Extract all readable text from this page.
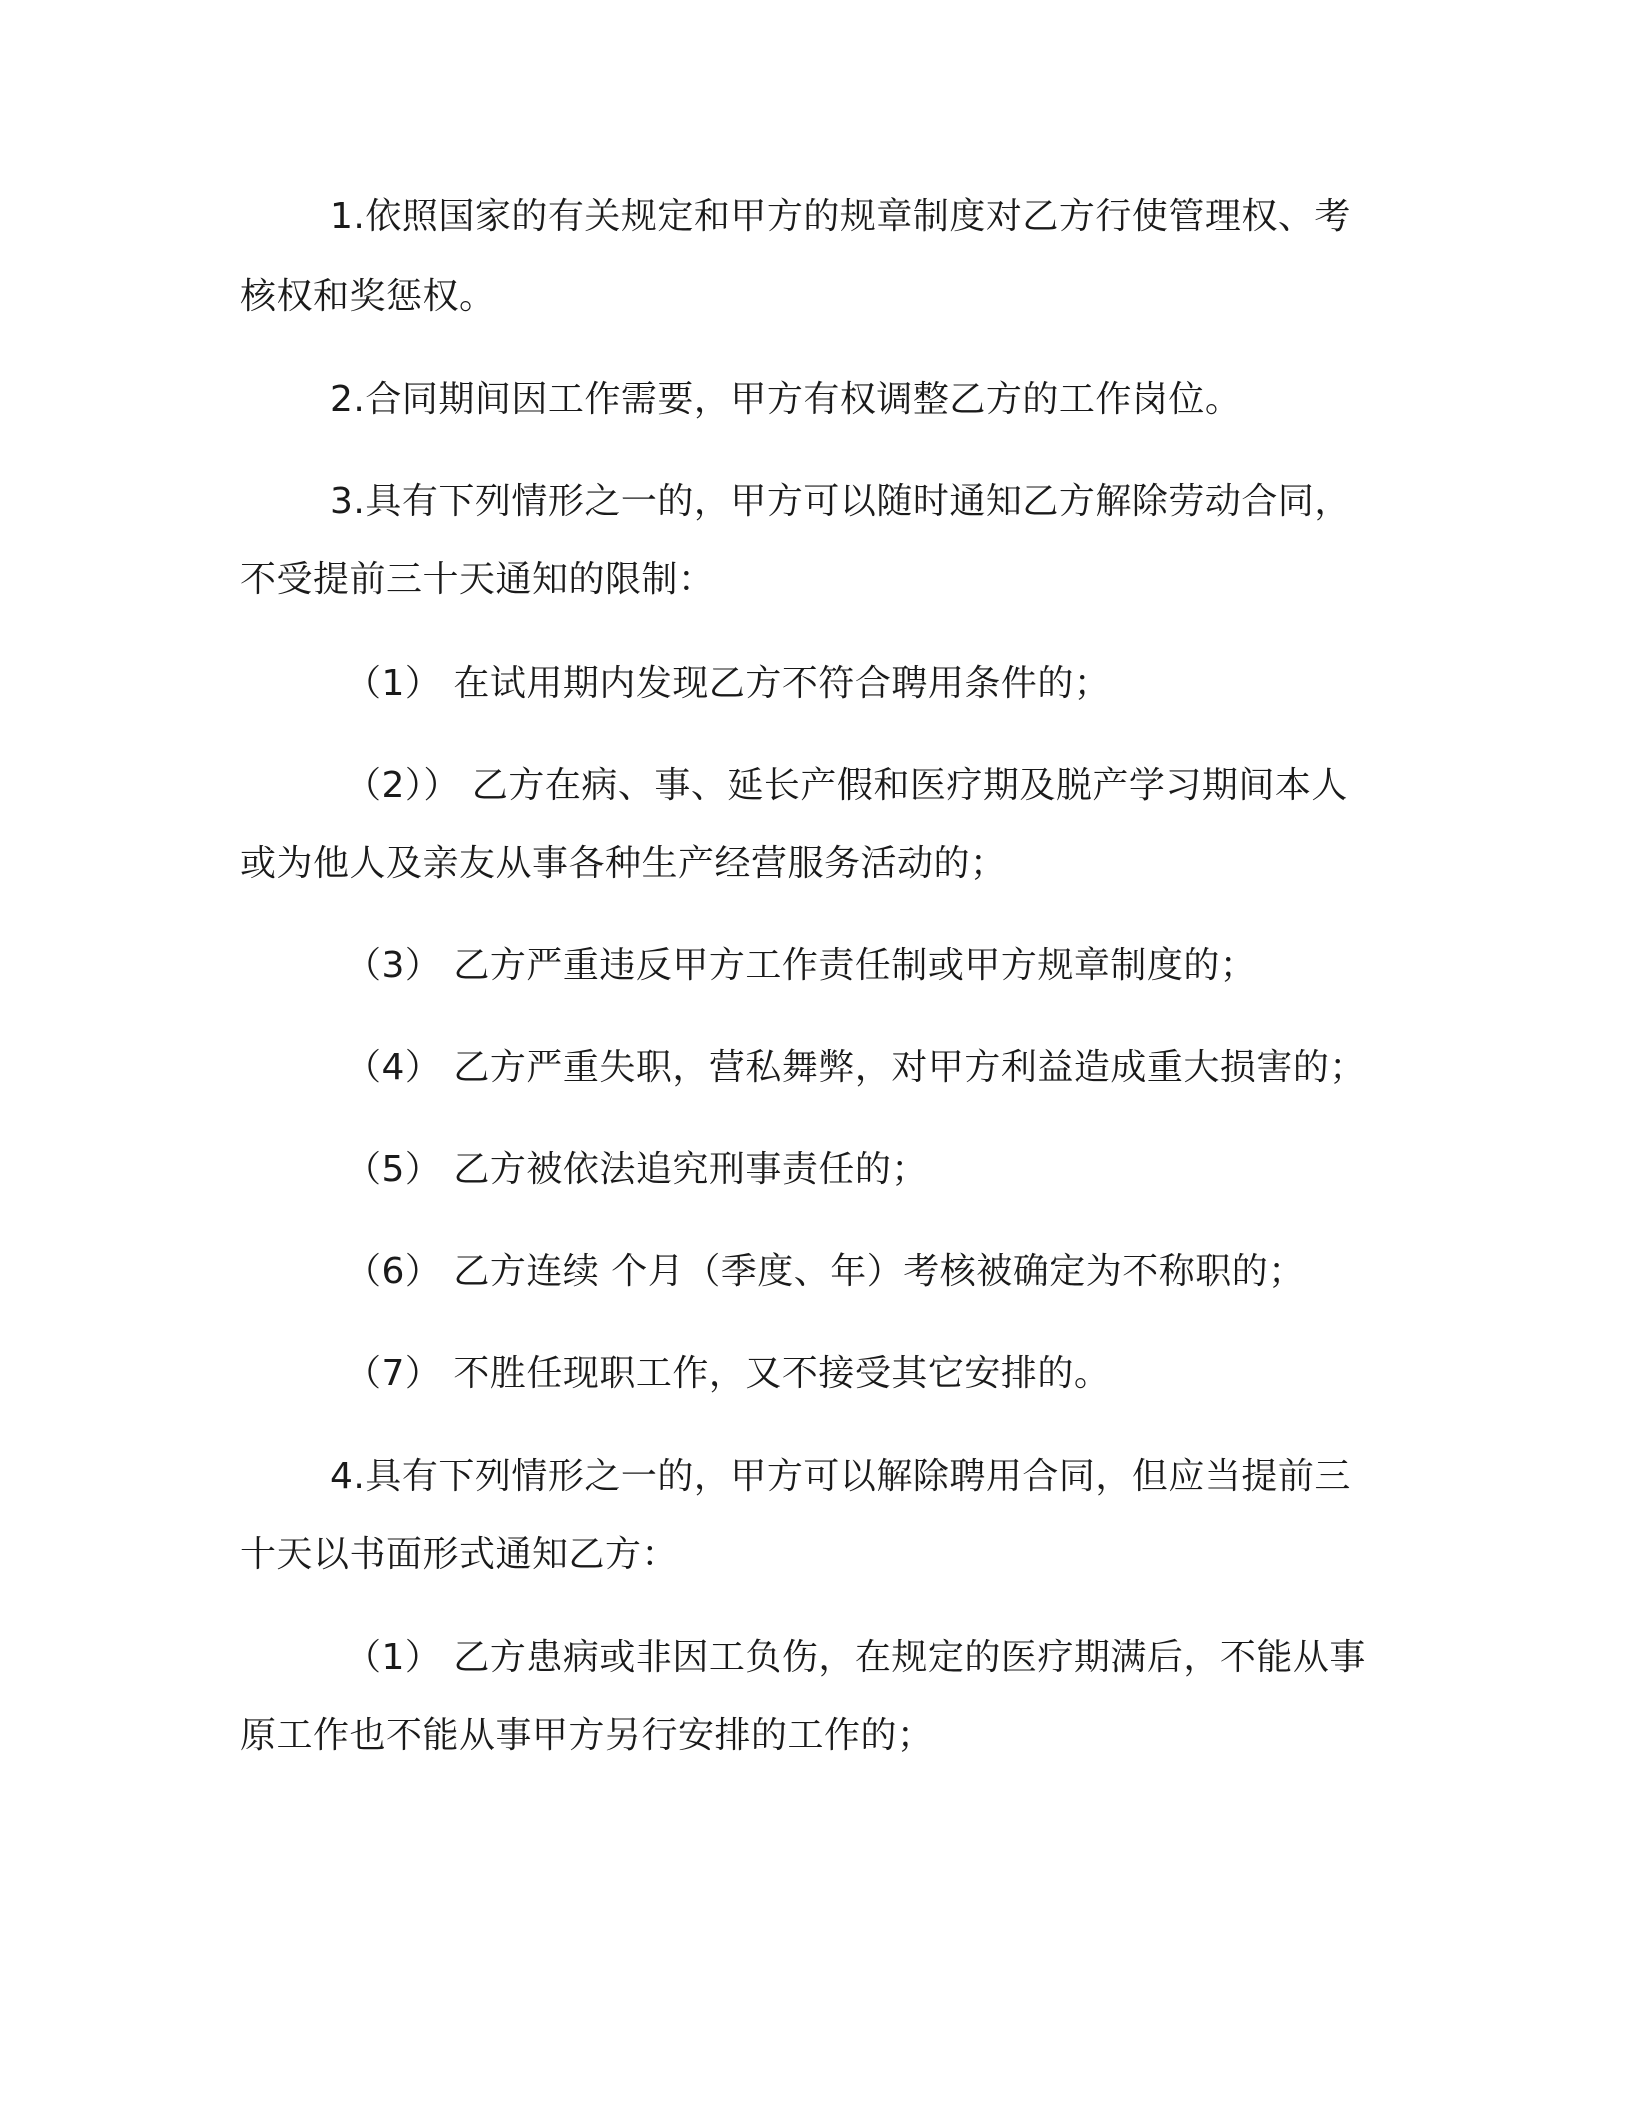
1.依照国家的有关规定和甲方的规章制度对乙方行使管理权、考
核权和奖惩权。
2.合同期间因工作需要，甲方有权调整乙方的工作岗位。
3.具有下列情形之一的，甲方可以随时通知乙方解除劳动合同，
不受提前三十天通知的限制：
（1） 在试用期内发现乙方不符合聘用条件的；
（2）） 乙方在病、事、延长产假和医疗期及脱产学习期间本人
或为他人及亲友从事各种生产经营服务活动的；
（3） 乙方严重违反甲方工作责任制或甲方规章制度的；
（4） 乙方严重失职，营私舞弊，对甲方利益造成重大损害的；
（5） 乙方被依法追究刑事责任的；
（6） 乙方连续 个月（季度、年）考核被确定为不称职的；
（7） 不胜任现职工作，又不接受其它安排的。
4.具有下列情形之一的，甲方可以解除聘用合同，但应当提前三
十天以书面形式通知乙方：
（1） 乙方患病或非因工负伤，在规定的医疗期满后，不能从事
原工作也不能从事甲方另行安排的工作的；
